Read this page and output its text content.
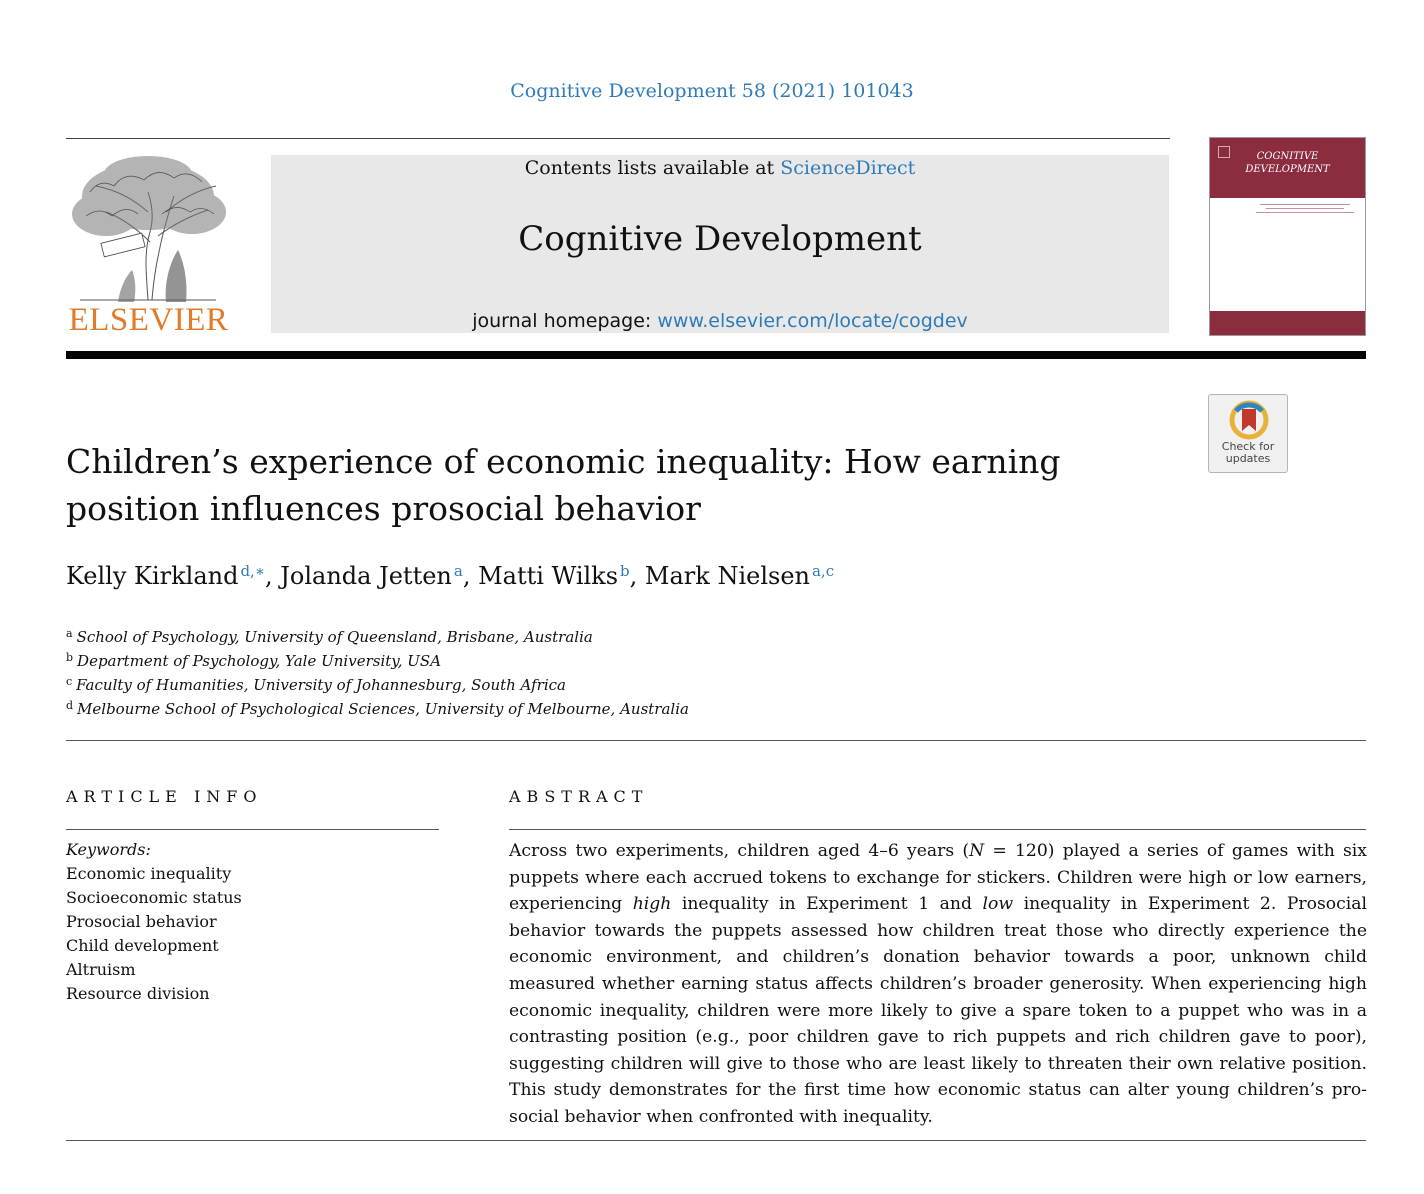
Cognitive Development 58 (2021) 101043
ELSEVIER
Contents lists available at ScienceDirect
Cognitive Development
journal homepage: www.elsevier.com/locate/cogdev
COGNITIVE
DEVELOPMENT
Check for
updates
Children’s experience of economic inequality: How earning position influences prosocial behavior
Kelly Kirkland $^{d,∗}$, Jolanda Jetten $^a$, Matti Wilks $^b$, Mark Nielsen $^{a,c}$
$^a$ School of Psychology, University of Queensland, Brisbane, Australia
$^b$ Department of Psychology, Yale University, USA
$^c$ Faculty of Humanities, University of Johannesburg, South Africa
$^d$ Melbourne School of Psychological Sciences, University of Melbourne, Australia
ARTICLE INFO
Keywords:
Economic inequality
Socioeconomic status
Prosocial behavior
Child development
Altruism
Resource division
ABSTRACT

Across two experiments, children aged 4–6 years (N = 120) played a series of games with six puppets where each accrued tokens to exchange for stickers. Children were high or low earners, experiencing high inequality in Experiment 1 and low inequality in Experiment 2. Prosocial behavior towards the puppets assessed how children treat those who directly experience the economic environment, and children’s donation behavior towards a poor, unknown child measured whether earning status affects children’s broader generosity. When experiencing high economic inequality, children were more likely to give a spare token to a puppet who was in a contrasting position (e.g., poor children gave to rich puppets and rich children gave to poor), suggesting children will give to those who are least likely to threaten their own relative position. This study demonstrates for the first time how economic status can alter young children’s pro-social behavior when confronted with inequality.
